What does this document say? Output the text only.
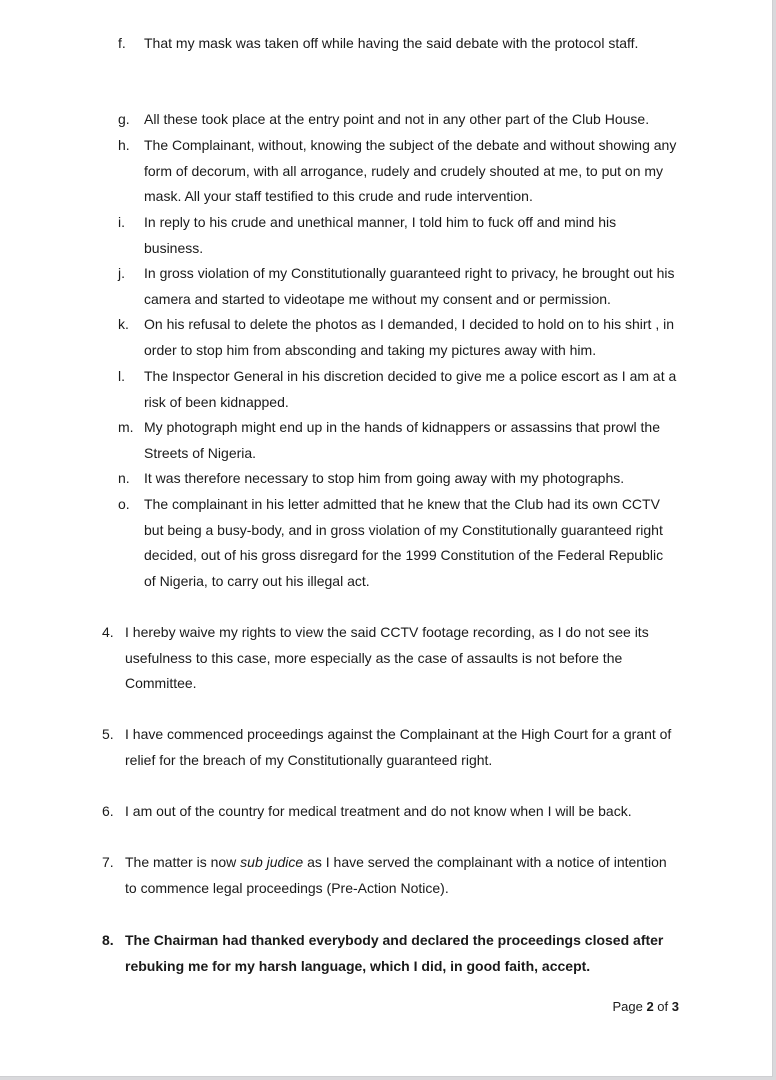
f.	That my mask was taken off while having the said debate with the protocol staff.
g.	All these took place at the entry point and not in any other part of the Club House.
h.	The Complainant, without, knowing the subject of the debate and without showing any form of decorum, with all arrogance, rudely and crudely shouted at me, to put on my mask. All your staff testified to this crude and rude intervention.
i.	In reply to his crude and unethical manner, I told him to fuck off and mind his business.
j.	In gross violation of my Constitutionally guaranteed right to privacy, he brought out his camera and started to videotape me without my consent and or permission.
k.	On his refusal to delete the photos as I demanded, I decided to hold on to his shirt , in order to stop him from absconding and taking my pictures away with him.
l.	The Inspector General in his discretion decided to give me a police escort as I am at a risk of been kidnapped.
m. My photograph might end up in the hands of kidnappers or assassins that prowl the Streets of Nigeria.
n.	It was therefore necessary to stop him from going away with my photographs.
o.	The complainant in his letter admitted that he knew that the Club had its own CCTV but being a busy-body, and in gross violation of my Constitutionally guaranteed right decided, out of his gross disregard for the 1999 Constitution of the Federal Republic of Nigeria, to carry out his illegal act.
4. I hereby waive my rights to view the said CCTV footage recording, as I do not see its usefulness to this case, more especially as the case of assaults is not before the Committee.
5. I have commenced proceedings against the Complainant at the High Court for a grant of relief for the breach of my Constitutionally guaranteed right.
6. I am out of the country for medical treatment and do not know when I will be back.
7. The matter is now sub judice as I have served the complainant with a notice of intention to commence legal proceedings (Pre-Action Notice).
8. The Chairman had thanked everybody and declared the proceedings closed after rebuking me for my harsh language, which I did, in good faith, accept.
Page 2 of 3
